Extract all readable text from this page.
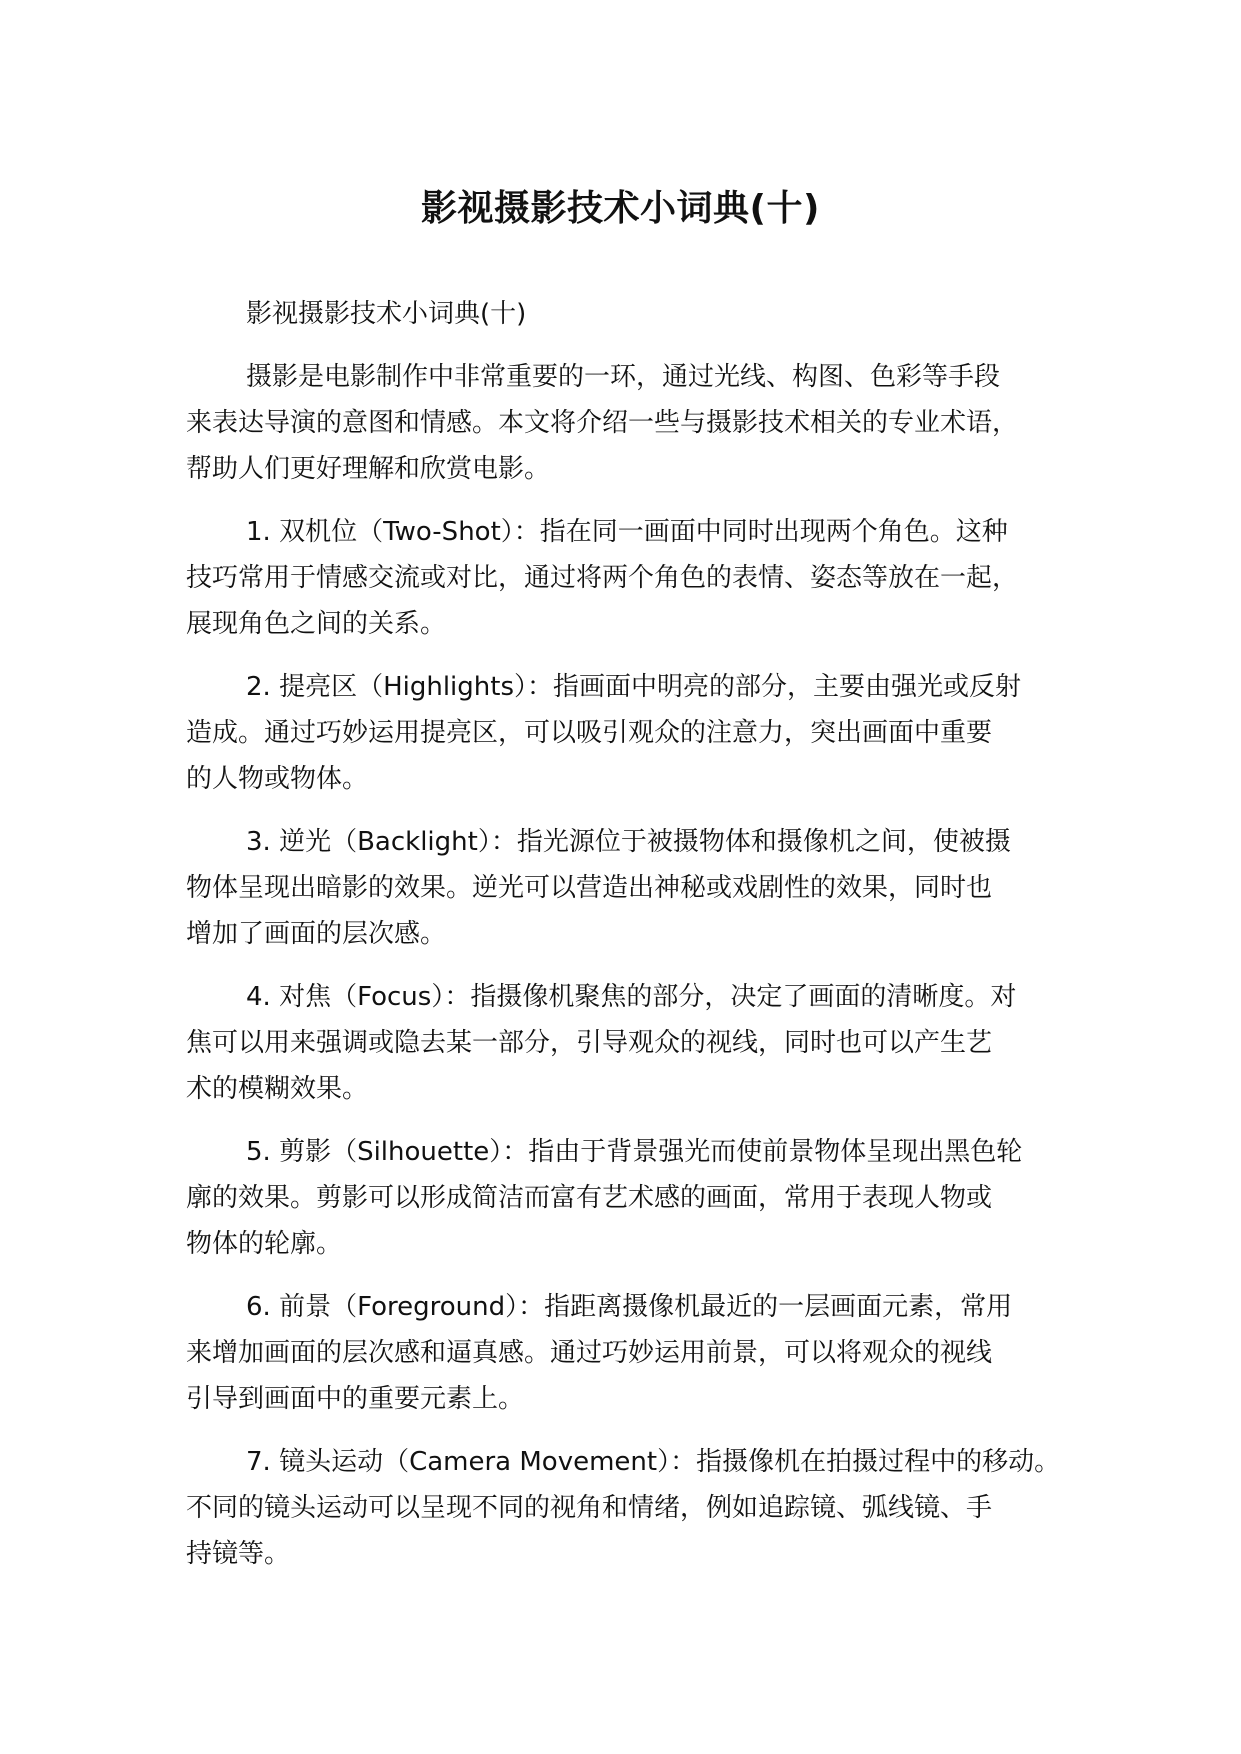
影视摄影技术小词典(十)

影视摄影技术小词典(十)

摄影是电影制作中非常重要的一环，通过光线、构图、色彩等手段
来表达导演的意图和情感。本文将介绍一些与摄影技术相关的专业术语，
帮助人们更好理解和欣赏电影。

1. 双机位（Two-Shot）：指在同一画面中同时出现两个角色。这种
技巧常用于情感交流或对比，通过将两个角色的表情、姿态等放在一起，
展现角色之间的关系。

2. 提亮区（Highlights）：指画面中明亮的部分，主要由强光或反射
造成。通过巧妙运用提亮区，可以吸引观众的注意力，突出画面中重要
的人物或物体。

3. 逆光（Backlight）：指光源位于被摄物体和摄像机之间，使被摄
物体呈现出暗影的效果。逆光可以营造出神秘或戏剧性的效果，同时也
增加了画面的层次感。

4. 对焦（Focus）：指摄像机聚焦的部分，决定了画面的清晰度。对
焦可以用来强调或隐去某一部分，引导观众的视线，同时也可以产生艺
术的模糊效果。

5. 剪影（Silhouette）：指由于背景强光而使前景物体呈现出黑色轮
廓的效果。剪影可以形成简洁而富有艺术感的画面，常用于表现人物或
物体的轮廓。

6. 前景（Foreground）：指距离摄像机最近的一层画面元素，常用
来增加画面的层次感和逼真感。通过巧妙运用前景，可以将观众的视线
引导到画面中的重要元素上。

7. 镜头运动（Camera Movement）：指摄像机在拍摄过程中的移动。
不同的镜头运动可以呈现不同的视角和情绪，例如追踪镜、弧线镜、手
持镜等。
